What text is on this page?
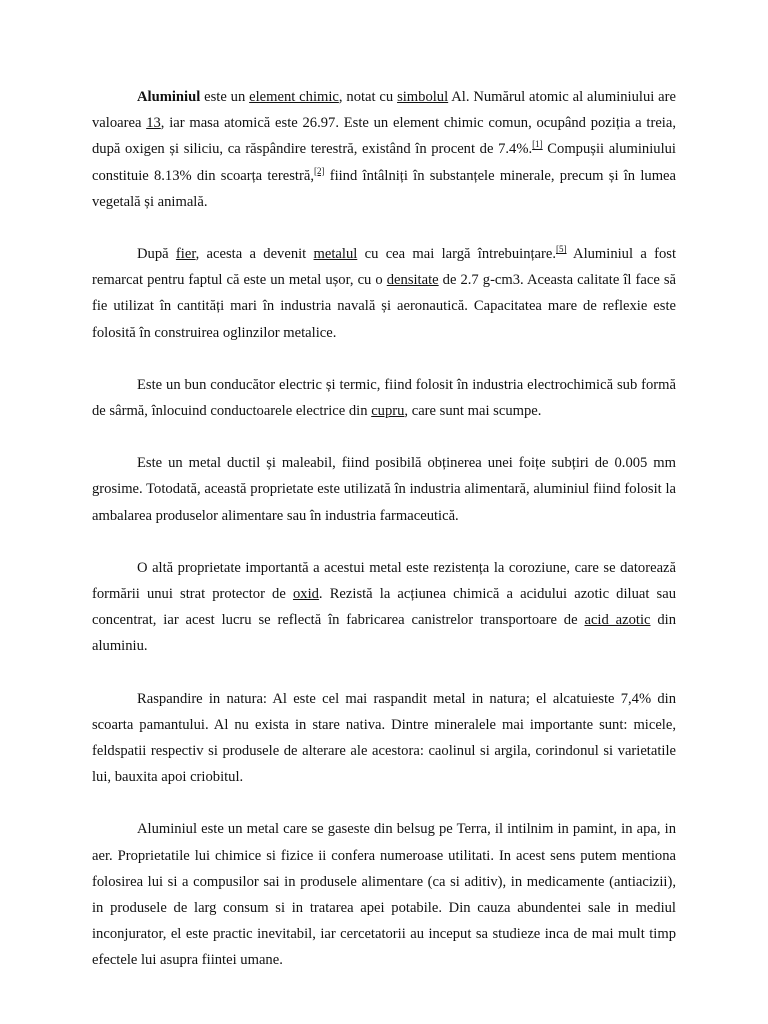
Aluminiul este un element chimic, notat cu simbolul Al. Numărul atomic al aluminiului are valoarea 13, iar masa atomică este 26.97. Este un element chimic comun, ocupând poziția a treia, după oxigen și siliciu, ca răspândire terestră, existând în procent de 7.4%.[1] Compușii aluminiului constituie 8.13% din scoarța terestră,[2] fiind întâlniți în substanțele minerale, precum și în lumea vegetală și animală.

După fier, acesta a devenit metalul cu cea mai largă întrebuințare.[5] Aluminiul a fost remarcat pentru faptul că este un metal ușor, cu o densitate de 2.7 g-cm3. Aceasta calitate îl face să fie utilizat în cantități mari în industria navală și aeronautică. Capacitatea mare de reflexie este folosită în construirea oglinzilor metalice.

Este un bun conducător electric și termic, fiind folosit în industria electrochimică sub formă de sârmă, înlocuind conductoarele electrice din cupru, care sunt mai scumpe.

Este un metal ductil și maleabil, fiind posibilă obținerea unei foițe subțiri de 0.005 mm grosime. Totodată, această proprietate este utilizată în industria alimentară, aluminiul fiind folosit la ambalarea produselor alimentare sau în industria farmaceutică.

O altă proprietate importantă a acestui metal este rezistența la coroziune, care se datorează formării unui strat protector de oxid. Rezistă la acțiunea chimică a acidului azotic diluat sau concentrat, iar acest lucru se reflectă în fabricarea canistrelor transportoare de acid azotic din aluminiu.

Raspandire in natura: Al este cel mai raspandit metal in natura; el alcatuieste 7,4% din scoarta pamantului. Al nu exista in stare nativa. Dintre mineralele mai importante sunt: micele, feldspatii respectiv si produsele de alterare ale acestora: caolinul si argila, corindonul si varietatile lui, bauxita apoi criobitul.

Aluminiul este un metal care se gaseste din belsug pe Terra, il intilnim in pamint, in apa, in aer. Proprietatile lui chimice si fizice ii confera numeroase utilitati. In acest sens putem mentiona folosirea lui si a compusilor sai in produsele alimentare (ca si aditiv), in medicamente (antiacizii), in produsele de larg consum si in tratarea apei potabile. Din cauza abundentei sale in mediul inconjurator, el este practic inevitabil, iar cercetatorii au inceput sa studieze inca de mai mult timp efectele lui asupra fiintei umane.
